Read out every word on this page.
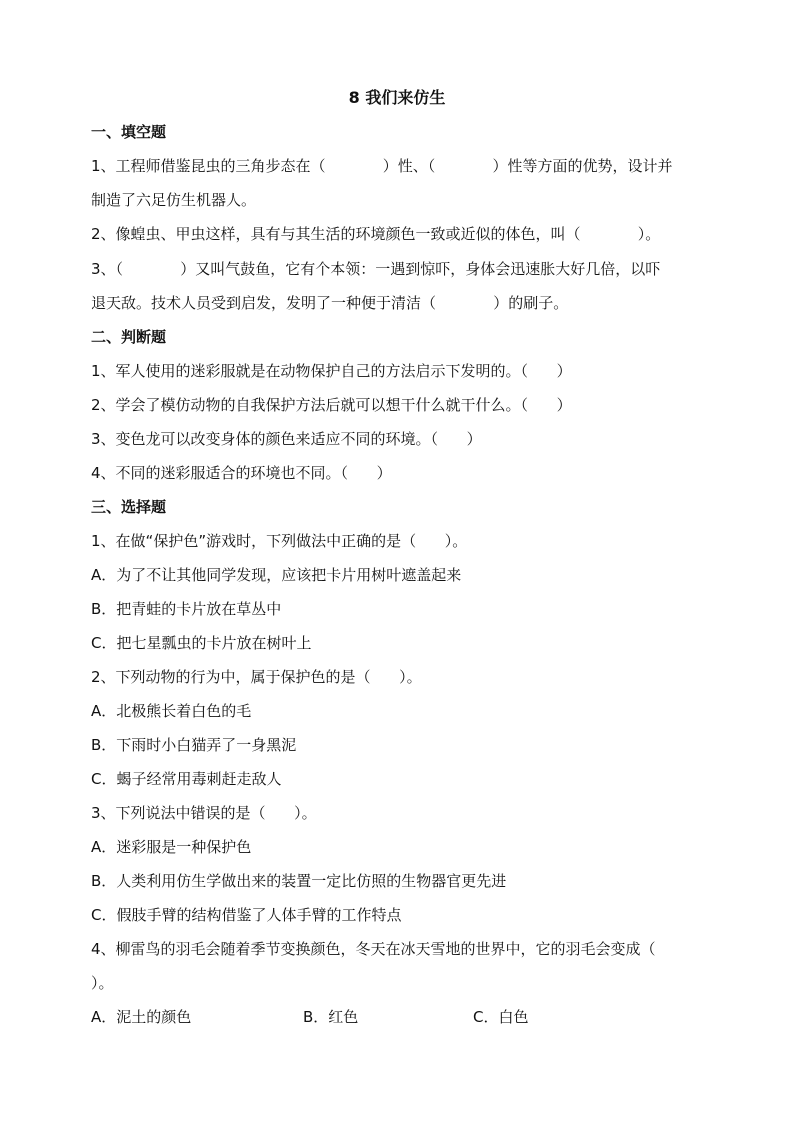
8 我们来仿生
一、填空题
1、工程师借鉴昆虫的三角步态在（            ）性、（            ）性等方面的优势，设计并
制造了六足仿生机器人。
2、像蝗虫、甲虫这样，具有与其生活的环境颜色一致或近似的体色，叫（            ）。
3、（            ）又叫气鼓鱼，它有个本领：一遇到惊吓，身体会迅速胀大好几倍，以吓
退天敌。技术人员受到启发，发明了一种便于清洁（            ）的刷子。
二、判断题
1、军人使用的迷彩服就是在动物保护自己的方法启示下发明的。（      ）
2、学会了模仿动物的自我保护方法后就可以想干什么就干什么。（      ）
3、变色龙可以改变身体的颜色来适应不同的环境。（      ）
4、不同的迷彩服适合的环境也不同。（      ）
三、选择题
1、在做“保护色”游戏时，下列做法中正确的是（      ）。
A．为了不让其他同学发现，应该把卡片用树叶遮盖起来
B．把青蛙的卡片放在草丛中
C．把七星瓢虫的卡片放在树叶上
2、下列动物的行为中，属于保护色的是（      ）。
A．北极熊长着白色的毛
B．下雨时小白猫弄了一身黑泥
C．蝎子经常用毒刺赶走敌人
3、下列说法中错误的是（      ）。
A．迷彩服是一种保护色
B．人类利用仿生学做出来的装置一定比仿照的生物器官更先进
C．假肢手臂的结构借鉴了人体手臂的工作特点
4、柳雷鸟的羽毛会随着季节变换颜色，冬天在冰天雪地的世界中，它的羽毛会变成（
）。
A．泥土的颜色	B．红色	C．白色
